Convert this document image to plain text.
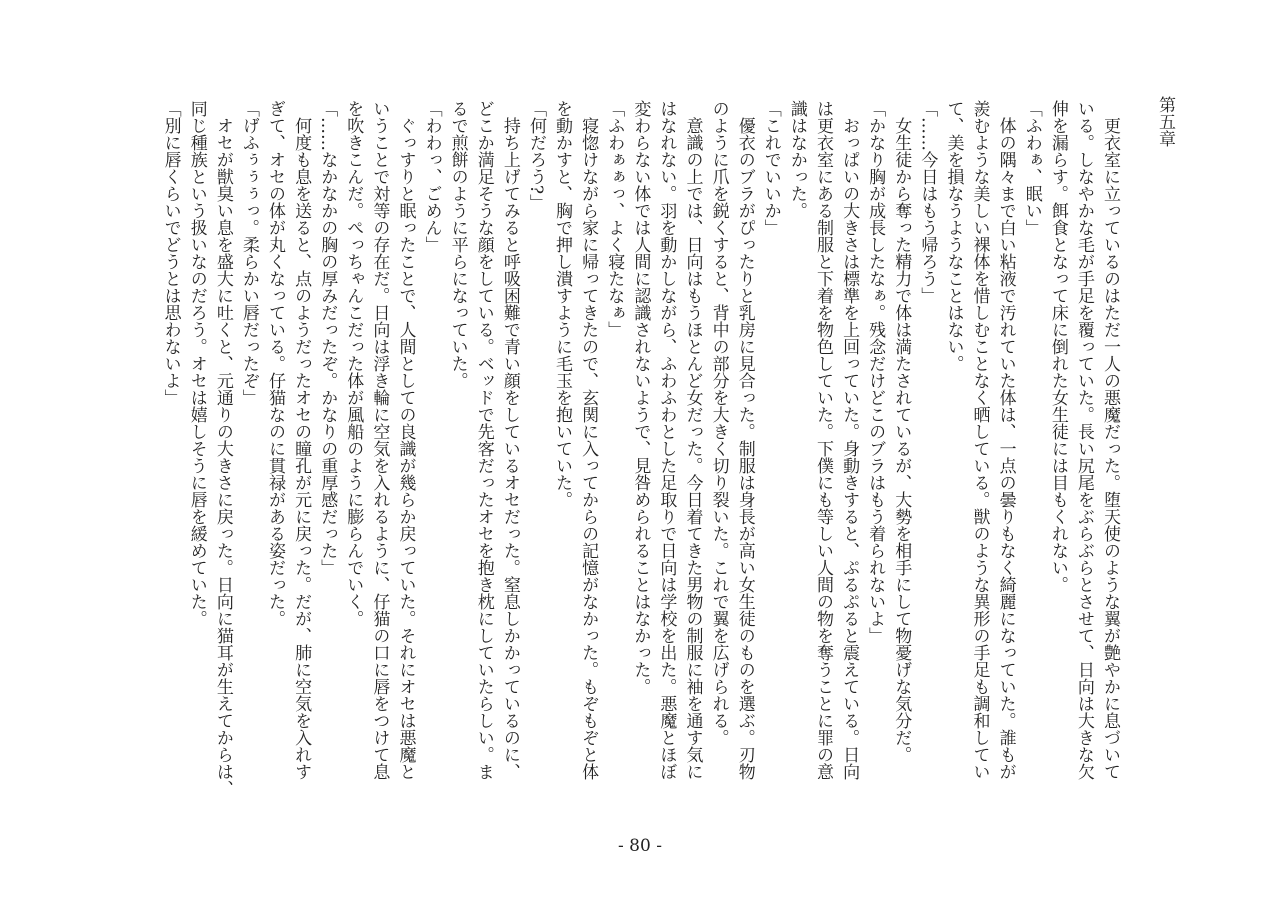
第五章
　更衣室に立っているのはただ一人の悪魔だった。堕天使のような翼が艶やかに息づいて
いる。しなやかな毛が手足を覆っていた。長い尻尾をぶらぶらとさせて、日向は大きな欠
伸を漏らす。餌食となって床に倒れた女生徒には目もくれない。
「ふわぁ、眠い」
　体の隅々まで白い粘液で汚れていた体は、一点の曇りもなく綺麗になっていた。誰もが
羨むような美しい裸体を惜しむことなく晒している。獣のような異形の手足も調和してい
て、美を損なうようなことはない。
「……今日はもう帰ろう」
　女生徒から奪った精力で体は満たされているが、大勢を相手にして物憂げな気分だ。
「かなり胸が成長したなぁ。残念だけどこのブラはもう着られないよ」
　おっぱいの大きさは標準を上回っていた。身動きすると、ぷるぷると震えている。日向
は更衣室にある制服と下着を物色していた。下僕にも等しい人間の物を奪うことに罪の意
識はなかった。
「これでいいか」
　優衣のブラがぴったりと乳房に見合った。制服は身長が高い女生徒のものを選ぶ。刃物
のように爪を鋭くすると、背中の部分を大きく切り裂いた。これで翼を広げられる。
　意識の上では、日向はもうほとんど女だった。今日着てきた男物の制服に袖を通す気に
はなれない。羽を動かしながら、ふわふわとした足取りで日向は学校を出た。悪魔とほぼ
変わらない体では人間に認識されないようで、見咎められることはなかった。
「ふわぁぁっ、よく寝たなぁ」
　寝惚けながら家に帰ってきたので、玄関に入ってからの記憶がなかった。もぞもぞと体
を動かすと、胸で押し潰すように毛玉を抱いていた。
「何だろう?」
　持ち上げてみると呼吸困難で青い顔をしているオセだった。窒息しかかっているのに、
どこか満足そうな顔をしている。ベッドで先客だったオセを抱き枕にしていたらしい。ま
るで煎餅のように平らになっていた。
「わわっ、ごめん」
　ぐっすりと眠ったことで、人間としての良識が幾らか戻っていた。それにオセは悪魔と
いうことで対等の存在だ。日向は浮き輪に空気を入れるように、仔猫の口に唇をつけて息
を吹きこんだ。ぺっちゃんこだった体が風船のように膨らんでいく。
「……なかなかの胸の厚みだったぞ。かなりの重厚感だった」
　何度も息を送ると、点のようだったオセの瞳孔が元に戻った。だが、肺に空気を入れす
ぎて、オセの体が丸くなっている。仔猫なのに貫禄がある姿だった。
「げふぅぅぅっ。柔らかい唇だったぞ」
　オセが獣臭い息を盛大に吐くと、元通りの大きさに戻った。日向に猫耳が生えてからは、
同じ種族という扱いなのだろう。オセは嬉しそうに唇を緩めていた。
「別に唇くらいでどうとは思わないよ」
- 80 -
